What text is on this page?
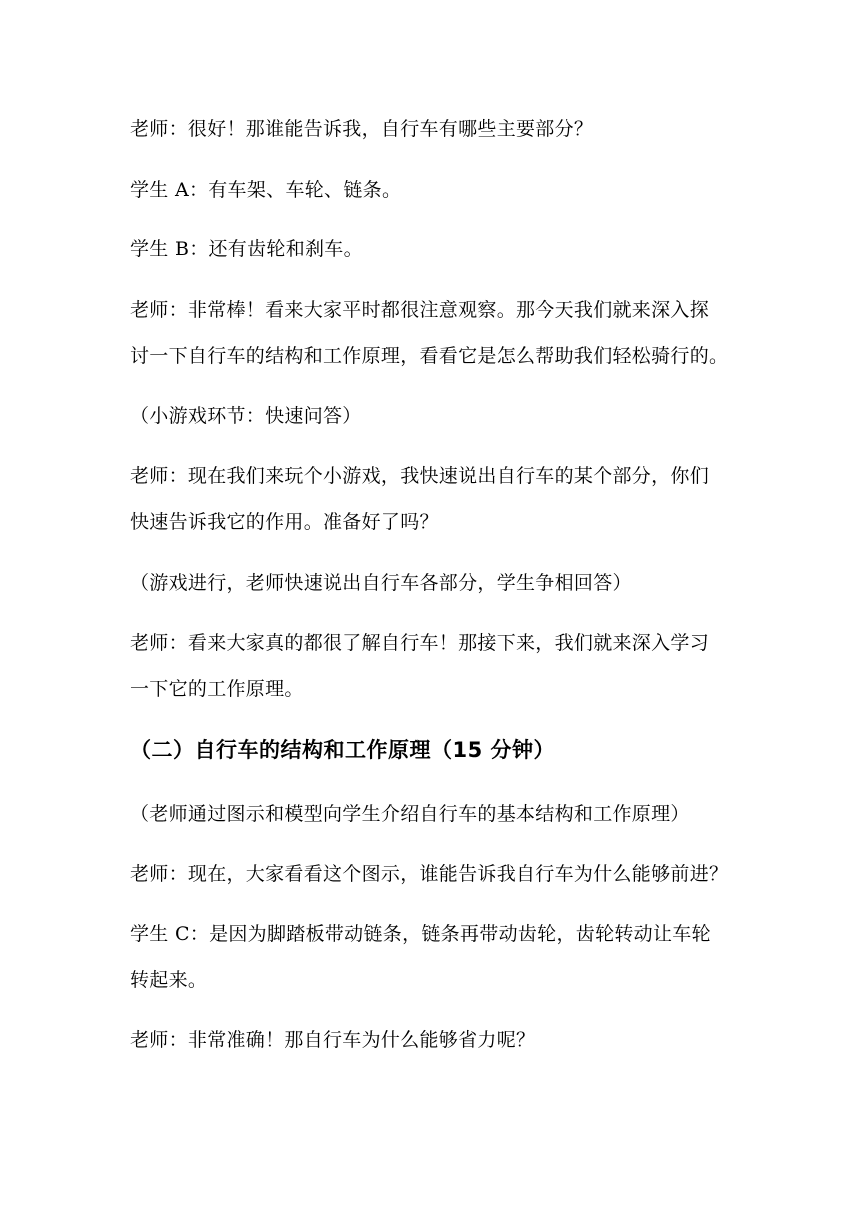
老师：很好！那谁能告诉我，自行车有哪些主要部分？
学生 A：有车架、车轮、链条。
学生 B：还有齿轮和刹车。
老师：非常棒！看来大家平时都很注意观察。那今天我们就来深入探
讨一下自行车的结构和工作原理，看看它是怎么帮助我们轻松骑行的。
（小游戏环节：快速问答）
老师：现在我们来玩个小游戏，我快速说出自行车的某个部分，你们
快速告诉我它的作用。准备好了吗？
（游戏进行，老师快速说出自行车各部分，学生争相回答）
老师：看来大家真的都很了解自行车！那接下来，我们就来深入学习
一下它的工作原理。
（二）自行车的结构和工作原理（15 分钟）
（老师通过图示和模型向学生介绍自行车的基本结构和工作原理）
老师：现在，大家看看这个图示，谁能告诉我自行车为什么能够前进？
学生 C：是因为脚踏板带动链条，链条再带动齿轮，齿轮转动让车轮
转起来。
老师：非常准确！那自行车为什么能够省力呢？
